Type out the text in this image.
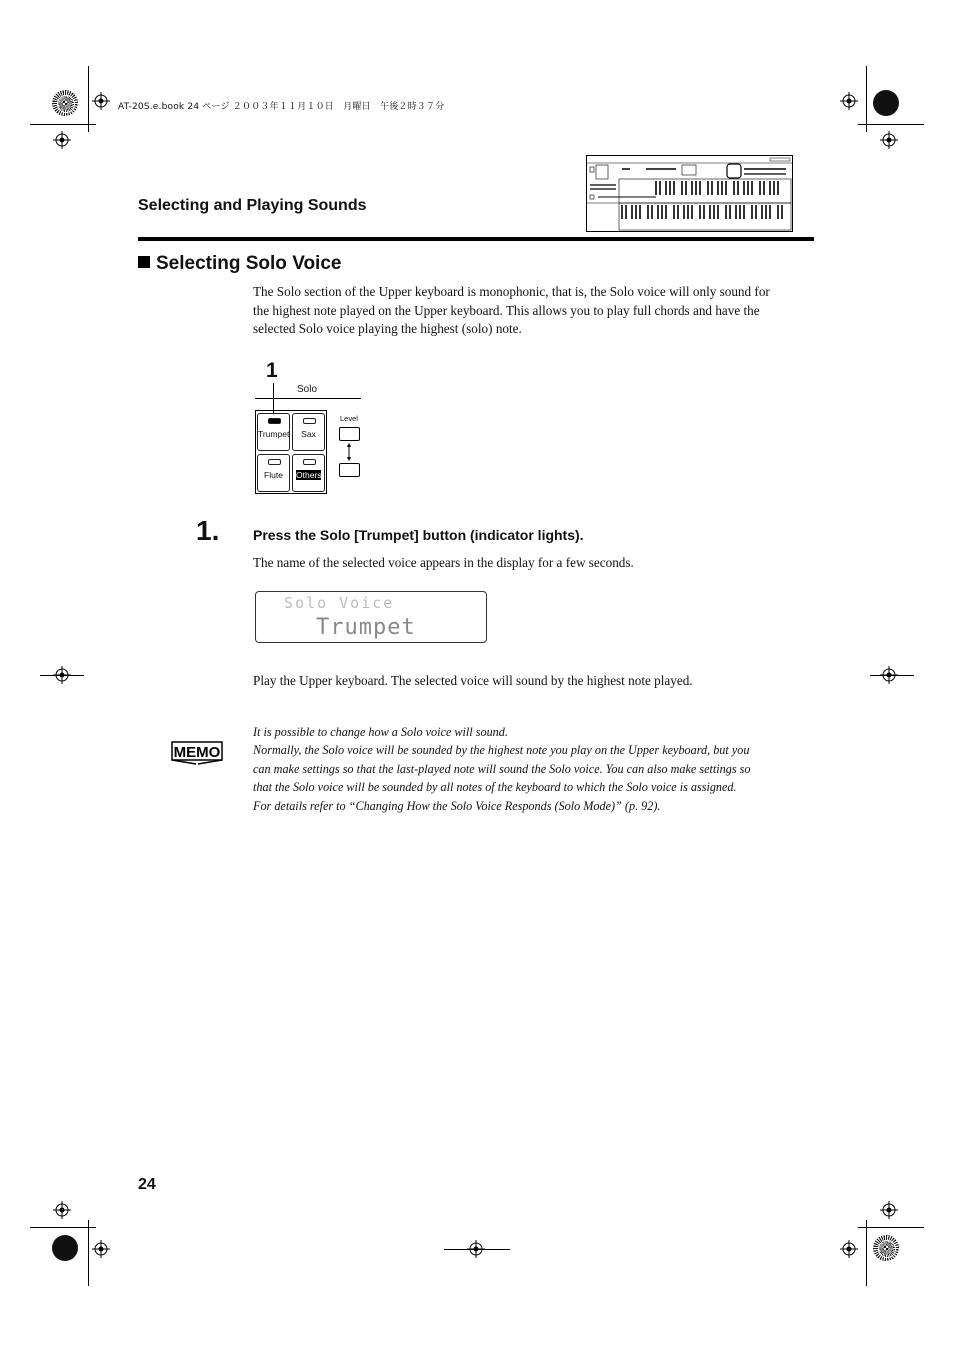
AT-20S.e.book 24 ページ ２００３年１１月１０日　月曜日　午後２時３７分
Selecting and Playing Sounds
Selecting Solo Voice
The Solo section of the Upper keyboard is monophonic, that is, the Solo voice will only sound for the highest note played on the Upper keyboard. This allows you to play full chords and have the selected Solo voice playing the highest (solo) note.
1
Solo
Trumpet	Sax
Flute	Others
Level
1. Press the Solo [Trumpet] button (indicator lights).
The name of the selected voice appears in the display for a few seconds.
Solo Voice
Trumpet
Play the Upper keyboard. The selected voice will sound by the highest note played.
MEMO
It is possible to change how a Solo voice will sound.
Normally, the Solo voice will be sounded by the highest note you play on the Upper keyboard, but you can make settings so that the last-played note will sound the Solo voice. You can also make settings so that the Solo voice will be sounded by all notes of the keyboard to which the Solo voice is assigned. For details refer to “Changing How the Solo Voice Responds (Solo Mode)” (p. 92).
24
